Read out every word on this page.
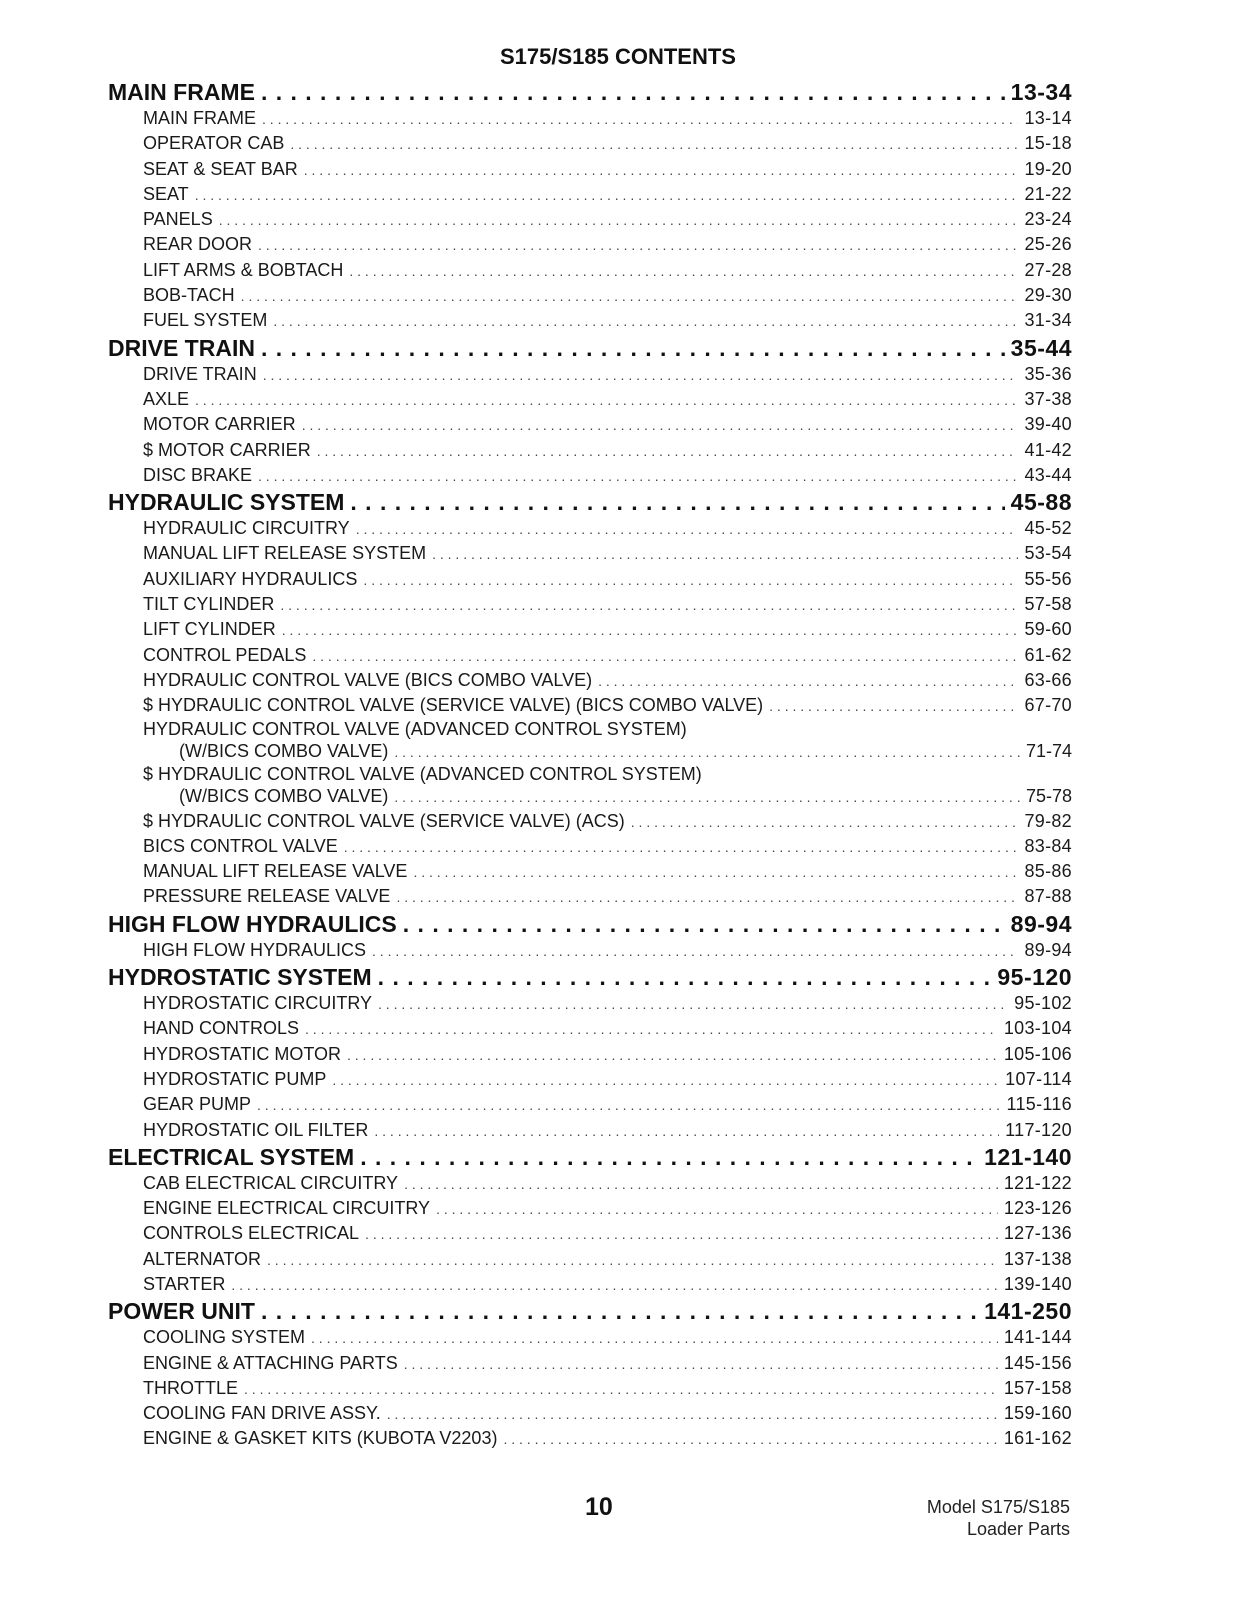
S175/S185 CONTENTS
MAIN FRAME . . .	13-34
MAIN FRAME . . .	13-14
OPERATOR CAB . . .	15-18
SEAT & SEAT BAR . . .	19-20
SEAT . . .	21-22
PANELS . . .	23-24
REAR DOOR . . .	25-26
LIFT ARMS & BOBTACH . . .	27-28
BOB-TACH . . .	29-30
FUEL SYSTEM . . .	31-34
DRIVE TRAIN . . .	35-44
DRIVE TRAIN . . .	35-36
AXLE . . .	37-38
MOTOR CARRIER . . .	39-40
$ MOTOR CARRIER . . .	41-42
DISC BRAKE . . .	43-44
HYDRAULIC SYSTEM . . .	45-88
HYDRAULIC CIRCUITRY . . .	45-52
MANUAL LIFT RELEASE SYSTEM . . .	53-54
AUXILIARY HYDRAULICS . . .	55-56
TILT CYLINDER . . .	57-58
LIFT CYLINDER . . .	59-60
CONTROL PEDALS . . .	61-62
HYDRAULIC CONTROL VALVE (BICS COMBO VALVE) . . .	63-66
$ HYDRAULIC CONTROL VALVE (SERVICE VALVE) (BICS COMBO VALVE) . . .	67-70
HYDRAULIC CONTROL VALVE (ADVANCED CONTROL SYSTEM)
(W/BICS COMBO VALVE) . . .	71-74
$ HYDRAULIC CONTROL VALVE (ADVANCED CONTROL SYSTEM)
(W/BICS COMBO VALVE) . . .	75-78
$ HYDRAULIC CONTROL VALVE (SERVICE VALVE) (ACS) . . .	79-82
BICS CONTROL VALVE . . .	83-84
MANUAL LIFT RELEASE VALVE . . .	85-86
PRESSURE RELEASE VALVE . . .	87-88
HIGH FLOW HYDRAULICS . . .	89-94
HIGH FLOW HYDRAULICS . . .	89-94
HYDROSTATIC SYSTEM . . .	95-120
HYDROSTATIC CIRCUITRY . . .	95-102
HAND CONTROLS . . .	103-104
HYDROSTATIC MOTOR . . .	105-106
HYDROSTATIC PUMP . . .	107-114
GEAR PUMP . . .	115-116
HYDROSTATIC OIL FILTER . . .	117-120
ELECTRICAL SYSTEM . . .	121-140
CAB ELECTRICAL CIRCUITRY . . .	121-122
ENGINE ELECTRICAL CIRCUITRY . . .	123-126
CONTROLS ELECTRICAL . . .	127-136
ALTERNATOR . . .	137-138
STARTER . . .	139-140
POWER UNIT . . .	141-250
COOLING SYSTEM . . .	141-144
ENGINE & ATTACHING PARTS . . .	145-156
THROTTLE . . .	157-158
COOLING FAN DRIVE ASSY. . . .	159-160
ENGINE & GASKET KITS (KUBOTA V2203) . . .	161-162
10	Model S175/S185
Loader Parts
